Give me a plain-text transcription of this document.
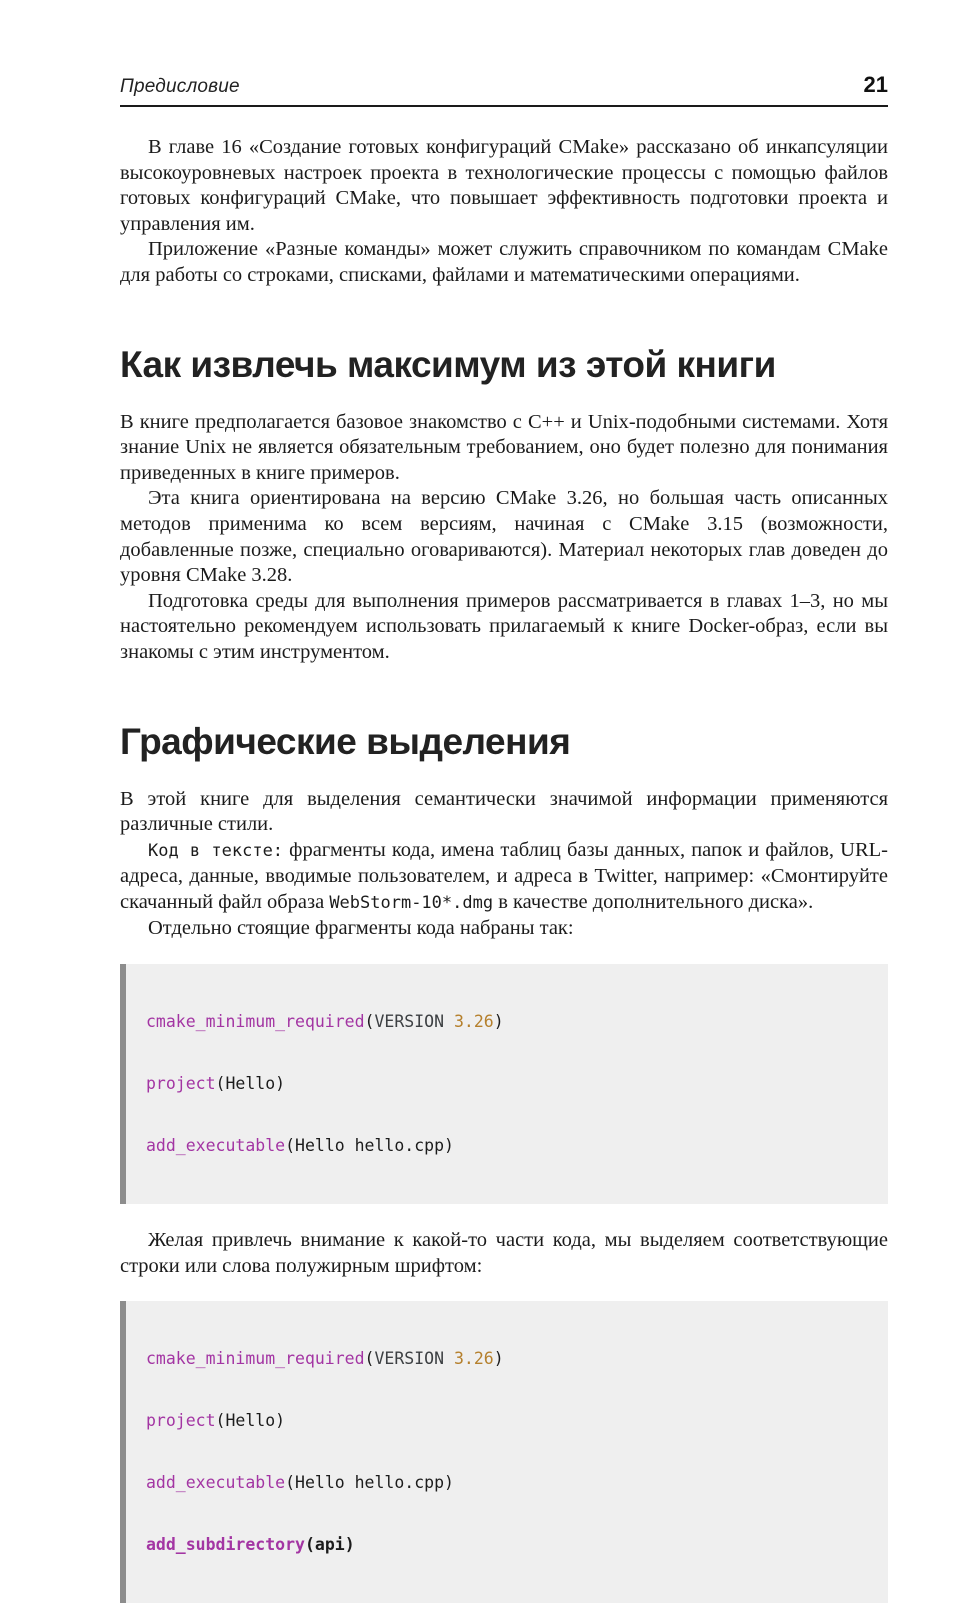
Предисловие	21

В главе 16 «Создание готовых конфигураций CMake» рассказано об инкапсуляции высокоуровневых настроек проекта в технологические процессы с помощью файлов готовых конфигураций CMake, что повышает эффективность подготовки проекта и управления им.

Приложение «Разные команды» может служить справочником по командам CMake для работы со строками, списками, файлами и математическими операциями.

Как извлечь максимум из этой книги

В книге предполагается базовое знакомство с C++ и Unix-подобными системами. Хотя знание Unix не является обязательным требованием, оно будет полезно для понимания приведенных в книге примеров.

Эта книга ориентирована на версию CMake 3.26, но большая часть описанных методов применима ко всем версиям, начиная с CMake 3.15 (возможности, добавленные позже, специально оговариваются). Материал некоторых глав доведен до уровня CMake 3.28.

Подготовка среды для выполнения примеров рассматривается в главах 1–3, но мы настоятельно рекомендуем использовать прилагаемый к книге Docker-образ, если вы знакомы с этим инструментом.

Графические выделения

В этой книге для выделения семантически значимой информации применяются различные стили.

Код в тексте: фрагменты кода, имена таблиц базы данных, папок и файлов, URL-адреса, данные, вводимые пользователем, и адреса в Twitter, например: «Смонтируйте скачанный файл образа WebStorm-10*.dmg в качестве дополнительного диска».

Отдельно стоящие фрагменты кода набраны так:

cmake_minimum_required(VERSION 3.26)

project(Hello)

add_executable(Hello hello.cpp)

Желая привлечь внимание к какой-то части кода, мы выделяем соответствующие строки или слова полужирным шрифтом:

cmake_minimum_required(VERSION 3.26)

project(Hello)

add_executable(Hello hello.cpp)

add_subdirectory(api)
